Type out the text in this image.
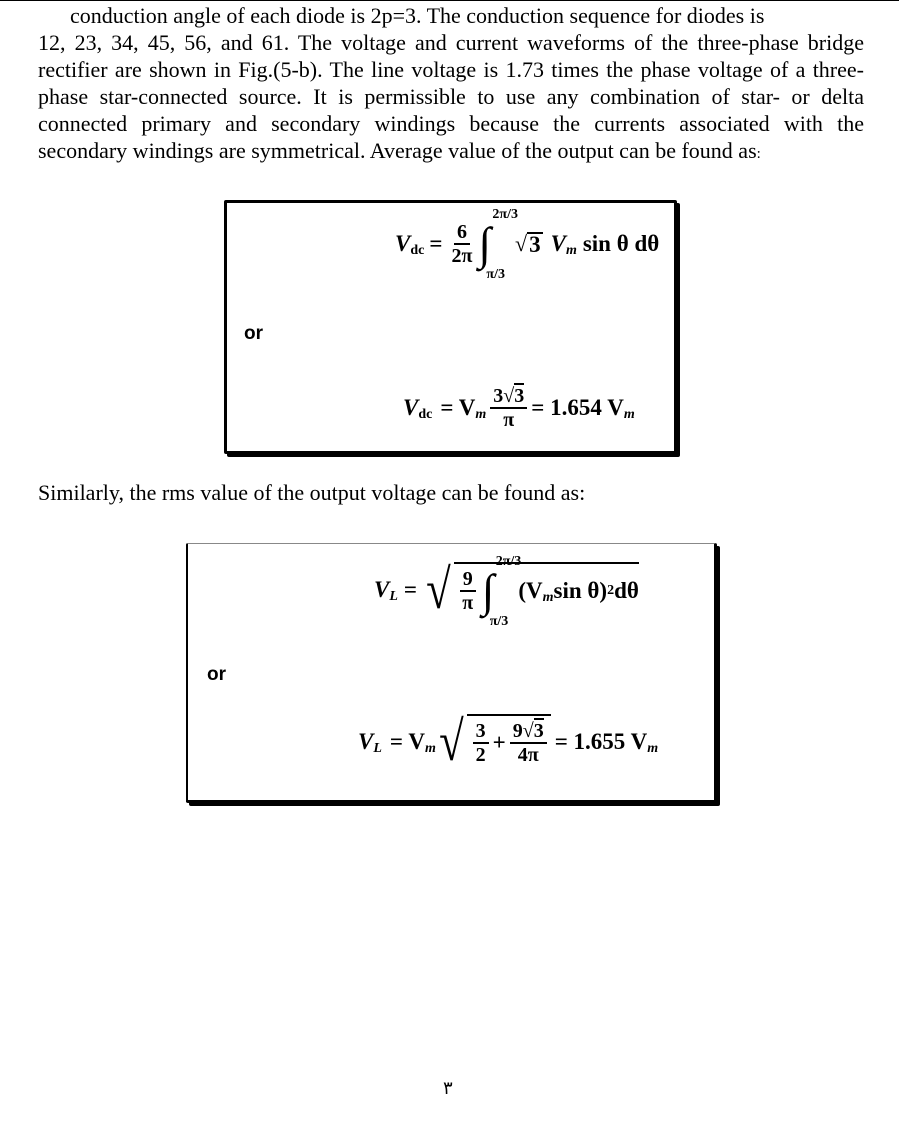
conduction angle of each diode is 2p=3. The conduction sequence for diodes is
12, 23, 34, 45, 56, and 61. The voltage and current waveforms of the three-phase bridge rectifier are shown in Fig.(5-b). The line voltage is 1.73 times the phase voltage of a three-phase star-connected source. It is permissible to use any combination of star- or delta connected primary and secondary windings because the currents associated with the secondary windings are symmetrical. Average value of the output can be found as:

V dc = $\frac{6}{2\pi}$ ∫
2π/3
π/3
√ 3 V m sin θ dθ
or
V dc = V m $\frac{3√3}{\pi} = 1.654$ V m

Similarly, the rms value of the output voltage can be found as:

V L = √ $\frac{9}{\pi}$ ∫
2π/3
π/3
(V m sin θ) 2 dθ
or
V L = V m √ $\frac{3}{2} + \frac{9√3}{4\pi} = 1.655$ V m
٣
